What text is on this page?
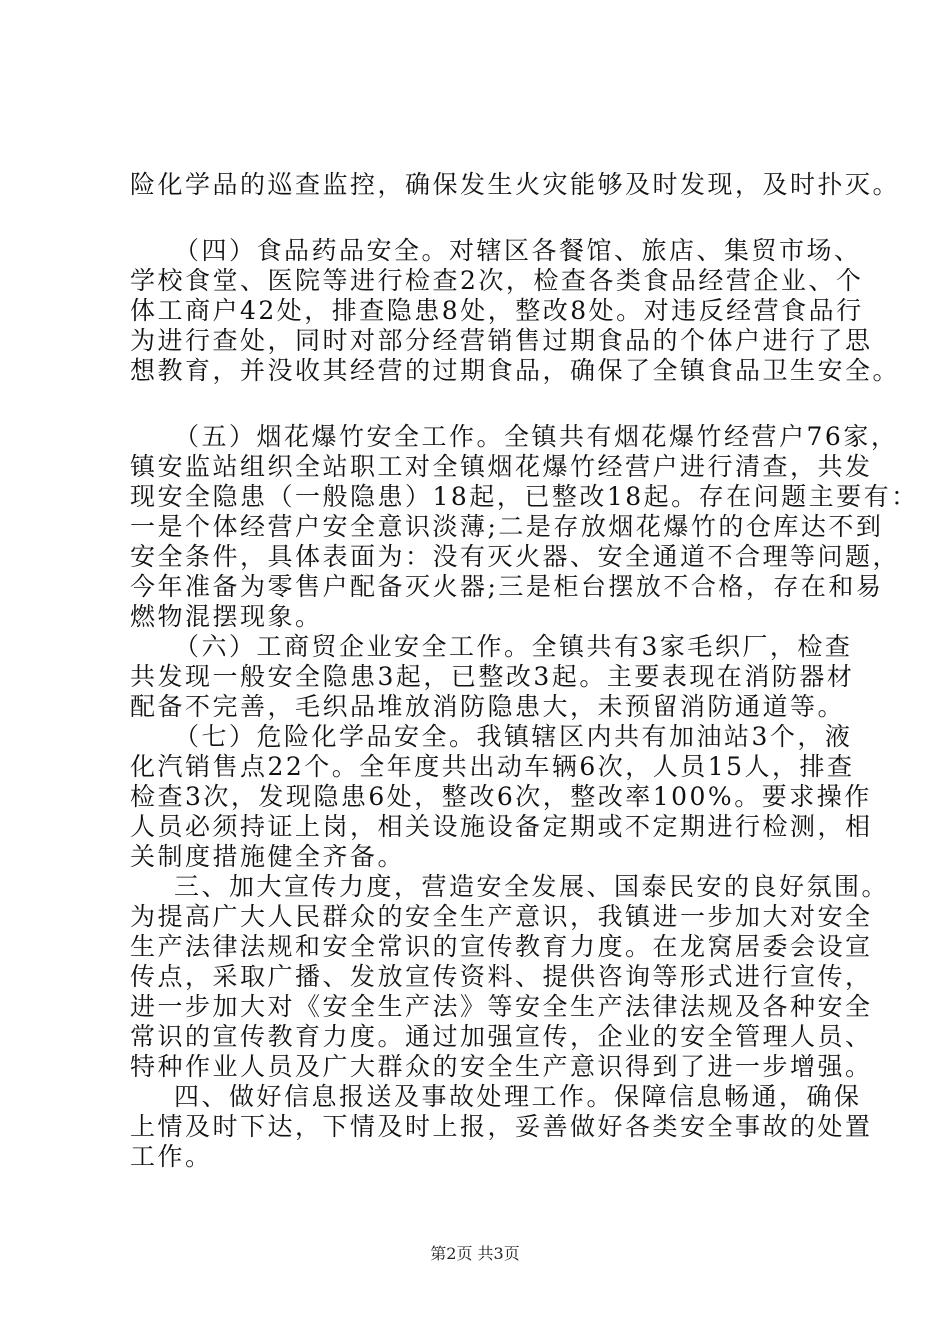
险化学品的巡查监控，确保发生火灾能够及时发现，及时扑灭。
（四）食品药品安全。对辖区各餐馆、旅店、集贸市场、
学校食堂、医院等进行检查2次，检查各类食品经营企业、个
体工商户42处，排查隐患8处，整改8处。对违反经营食品行
为进行查处，同时对部分经营销售过期食品的个体户进行了思
想教育，并没收其经营的过期食品，确保了全镇食品卫生安全。
（五）烟花爆竹安全工作。全镇共有烟花爆竹经营户76家，
镇安监站组织全站职工对全镇烟花爆竹经营户进行清查，共发
现安全隐患（一般隐患）18起，已整改18起。存在问题主要有：
一是个体经营户安全意识淡薄;二是存放烟花爆竹的仓库达不到
安全条件，具体表面为：没有灭火器、安全通道不合理等问题，
今年准备为零售户配备灭火器;三是柜台摆放不合格，存在和易
燃物混摆现象。
（六）工商贸企业安全工作。全镇共有3家毛织厂，检查
共发现一般安全隐患3起，已整改3起。主要表现在消防器材
配备不完善，毛织品堆放消防隐患大，未预留消防通道等。
（七）危险化学品安全。我镇辖区内共有加油站3个，液
化汽销售点22个。全年度共出动车辆6次，人员15人，排查
检查3次，发现隐患6处，整改6次，整改率100%。要求操作
人员必须持证上岗，相关设施设备定期或不定期进行检测，相
关制度措施健全齐备。
三、加大宣传力度，营造安全发展、国泰民安的良好氛围。
为提高广大人民群众的安全生产意识，我镇进一步加大对安全
生产法律法规和安全常识的宣传教育力度。在龙窝居委会设宣
传点，采取广播、发放宣传资料、提供咨询等形式进行宣传，
进一步加大对《安全生产法》等安全生产法律法规及各种安全
常识的宣传教育力度。通过加强宣传，企业的安全管理人员、
特种作业人员及广大群众的安全生产意识得到了进一步增强。
四、做好信息报送及事故处理工作。保障信息畅通，确保
上情及时下达，下情及时上报，妥善做好各类安全事故的处置
工作。
第2页 共3页
